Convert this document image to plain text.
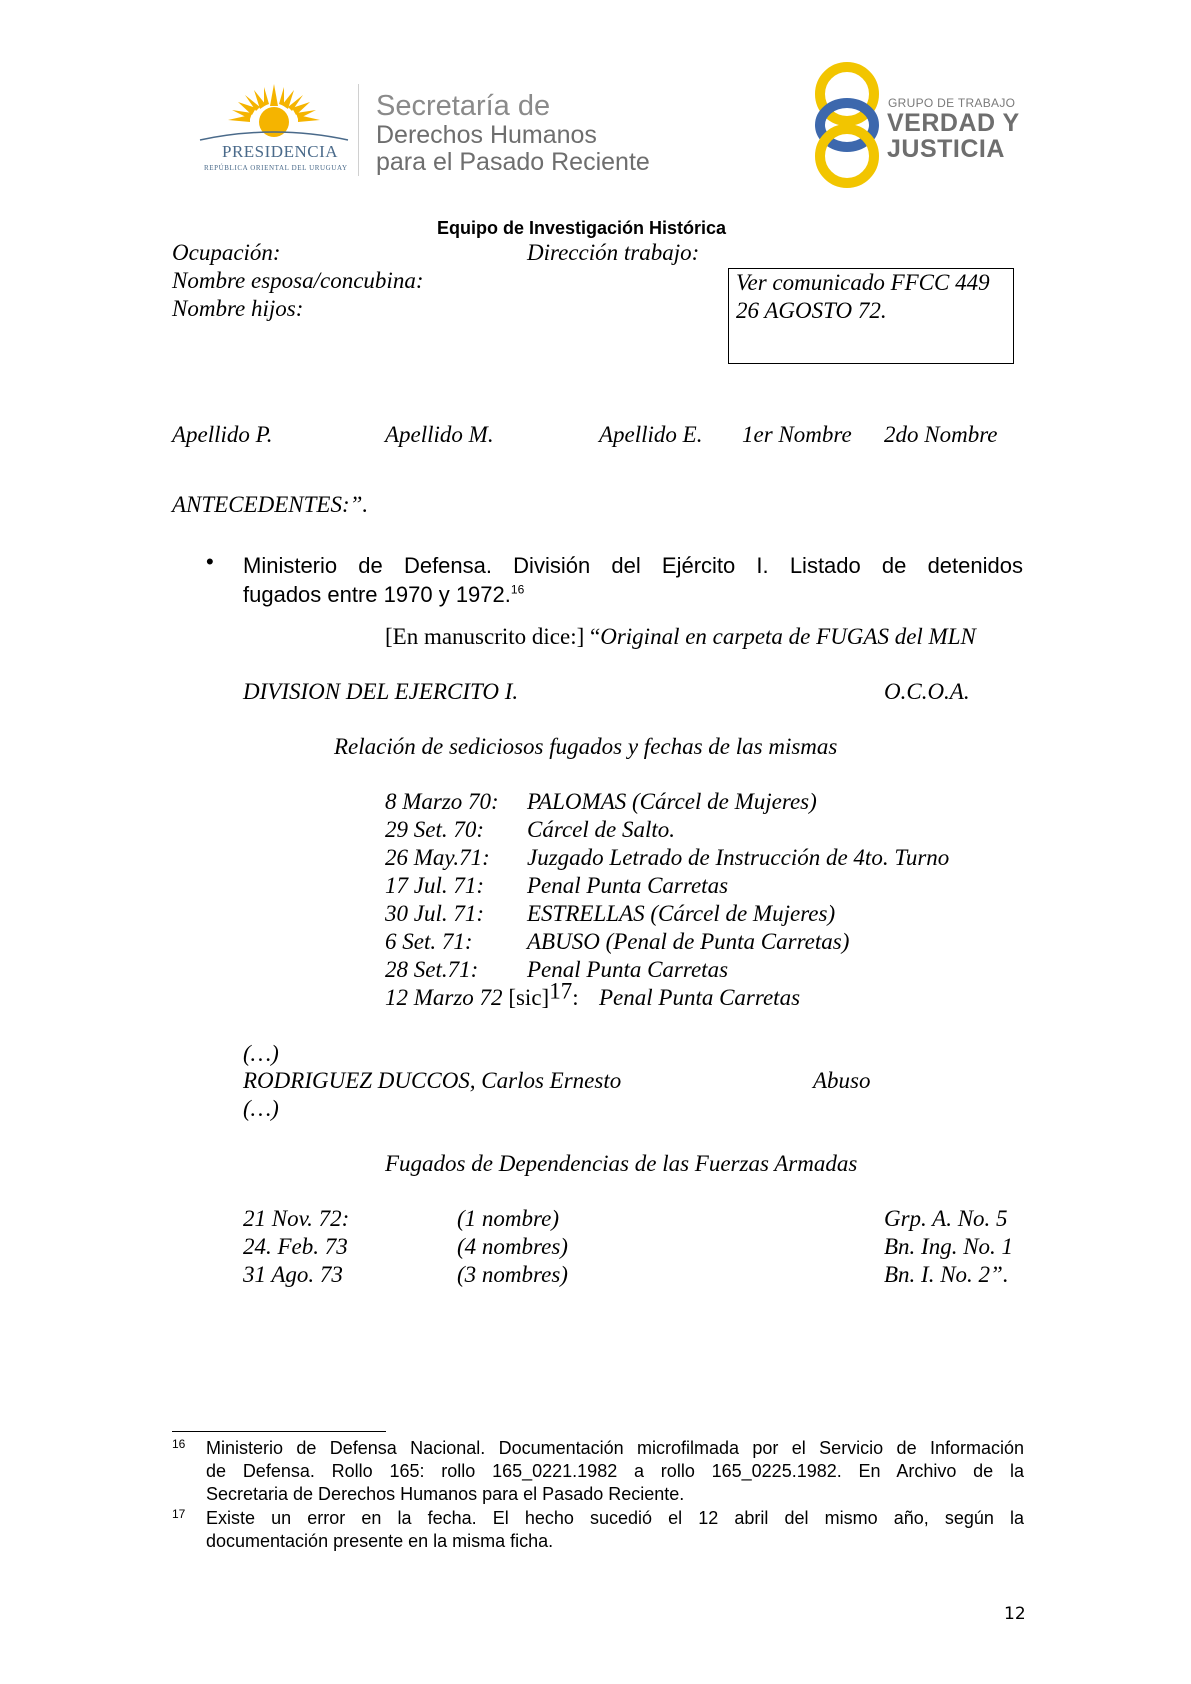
PRESIDENCIA
REPÚBLICA ORIENTAL DEL URUGUAY
Secretaría de
Derechos Humanos
para el Pasado Reciente
GRUPO DE TRABAJO
VERDAD Y
JUSTICIA
Equipo de Investigación Histórica
Ocupación:	Dirección trabajo:
Nombre esposa/concubina:
Nombre hijos:
Ver comunicado FFCC 449
26 AGOSTO 72.
Apellido P.	Apellido M.	Apellido E. 1er Nombre 2do Nombre
ANTECEDENTES:”.
• Ministerio de Defensa. División del Ejército I. Listado de detenidos
fugados entre 1970 y 1972.16
[En manuscrito dice:] “Original en carpeta de FUGAS del MLN
DIVISION DEL EJERCITO I.	O.C.O.A.
Relación de sediciosos fugados y fechas de las mismas
8 Marzo 70: PALOMAS (Cárcel de Mujeres)
29 Set. 70: Cárcel de Salto.
26 May.71: Juzgado Letrado de Instrucción de 4to. Turno
17 Jul. 71: Penal Punta Carretas
30 Jul. 71: ESTRELLAS (Cárcel de Mujeres)
6 Set. 71: ABUSO (Penal de Punta Carretas)
28 Set.71: Penal Punta Carretas
12 Marzo 72 [sic]$^{17}$: Penal Punta Carretas
(…)
RODRIGUEZ DUCCOS, Carlos Ernesto	Abuso
(…)
Fugados de Dependencias de las Fuerzas Armadas
21 Nov. 72:	(1 nombre)	Grp. A. No. 5
24. Feb. 73	(4 nombres)	Bn. Ing. No. 1
31 Ago. 73	(3 nombres)	Bn. I. No. 2”.
16 Ministerio de Defensa Nacional. Documentación microfilmada por el Servicio de Información
de Defensa. Rollo 165: rollo 165_0221.1982 a rollo 165_0225.1982. En Archivo de la
Secretaria de Derechos Humanos para el Pasado Reciente.
17 Existe un error en la fecha. El hecho sucedió el 12 abril del mismo año, según la
documentación presente en la misma ficha.
12
